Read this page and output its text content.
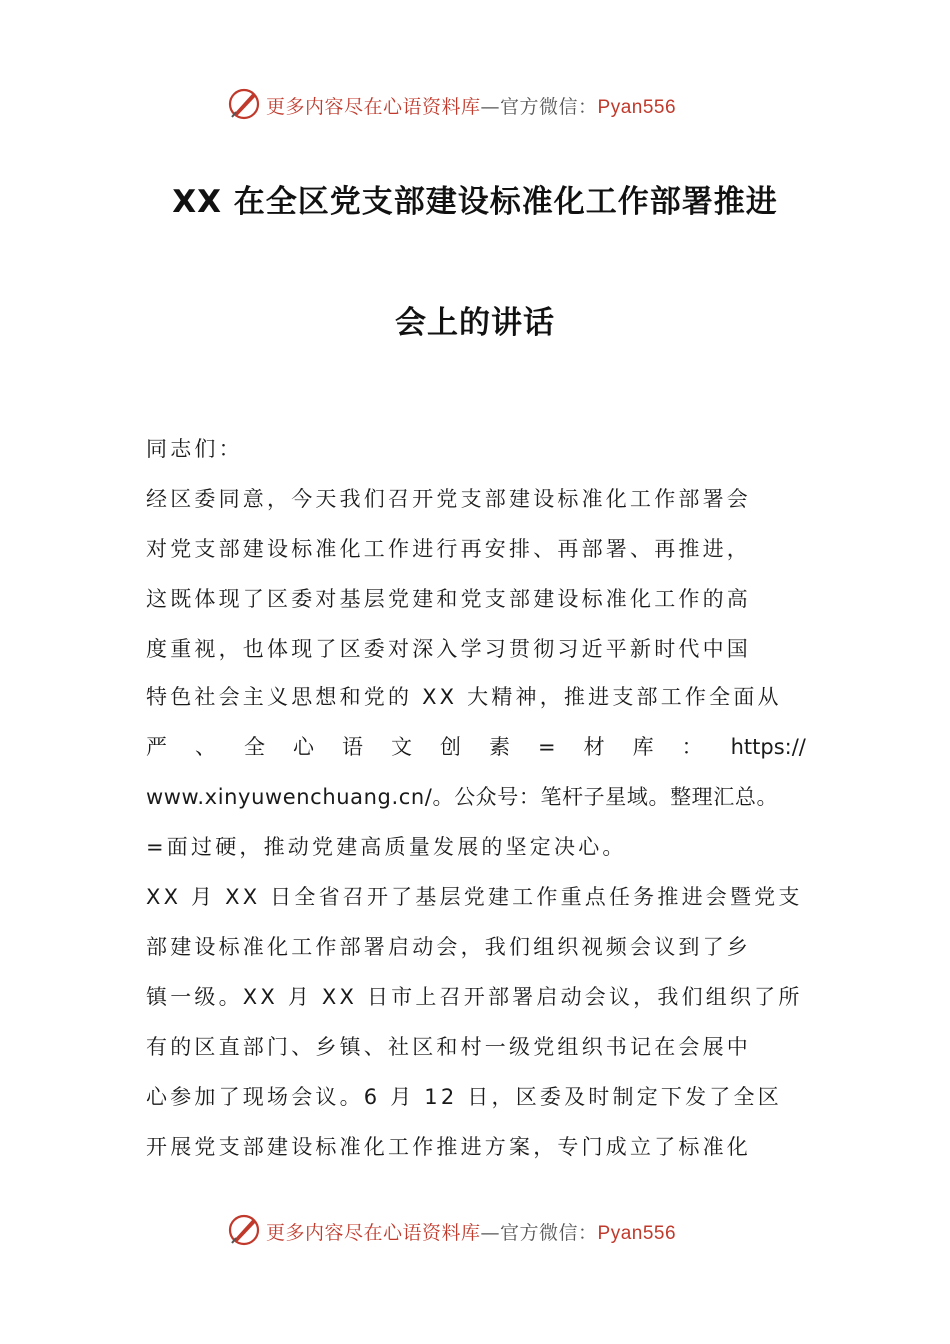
更多内容尽在心语资料库—官方微信：Pyan556
XX 在全区党支部建设标准化工作部署推进
会上的讲话
同志们：
经区委同意，今天我们召开党支部建设标准化工作部署会
对党支部建设标准化工作进行再安排、再部署、再推进，
这既体现了区委对基层党建和党支部建设标准化工作的高
度重视，也体现了区委对深入学习贯彻习近平新时代中国
特色社会主义思想和党的 XX 大精神，推进支部工作全面从
严 、 全 心 语 文 创 素 = 材 库 ： https://
www.xinyuwenchuang.cn/。公众号：笔杆子星域。整理汇总。
=面过硬，推动党建高质量发展的坚定决心。
XX 月 XX 日全省召开了基层党建工作重点任务推进会暨党支
部建设标准化工作部署启动会，我们组织视频会议到了乡
镇一级。XX 月 XX 日市上召开部署启动会议，我们组织了所
有的区直部门、乡镇、社区和村一级党组织书记在会展中
心参加了现场会议。6 月 12 日，区委及时制定下发了全区
开展党支部建设标准化工作推进方案，专门成立了标准化
更多内容尽在心语资料库—官方微信：Pyan556
